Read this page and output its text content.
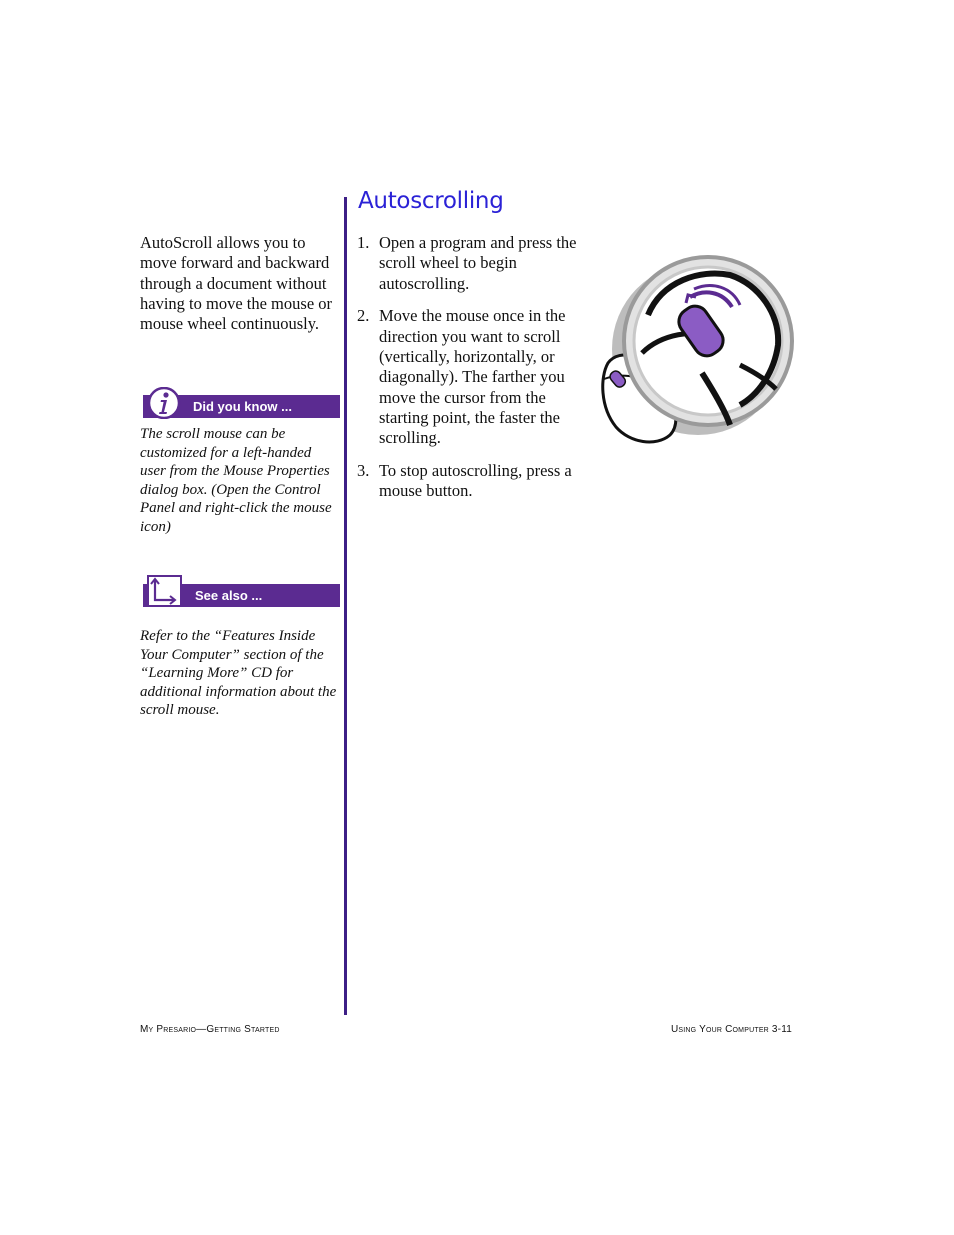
Autoscrolling
AutoScroll allows you to move forward and backward through a document without having to move the mouse or mouse wheel continuously.
Did you know ...
The scroll mouse can be customized for a left-handed user from the Mouse Properties dialog box. (Open the Control Panel and right-click the mouse icon)
See also ...
Refer to the “Features Inside Your Computer” section of the “Learning More” CD for additional information about the scroll mouse.
1. Open a program and press the scroll wheel to begin autoscrolling.
2. Move the mouse once in the direction you want to scroll (vertically, horizontally, or diagonally). The farther you move the cursor from the starting point, the faster the scrolling.
3. To stop autoscrolling, press a mouse button.
My Presario—Getting Started	Using Your Computer 3-11
